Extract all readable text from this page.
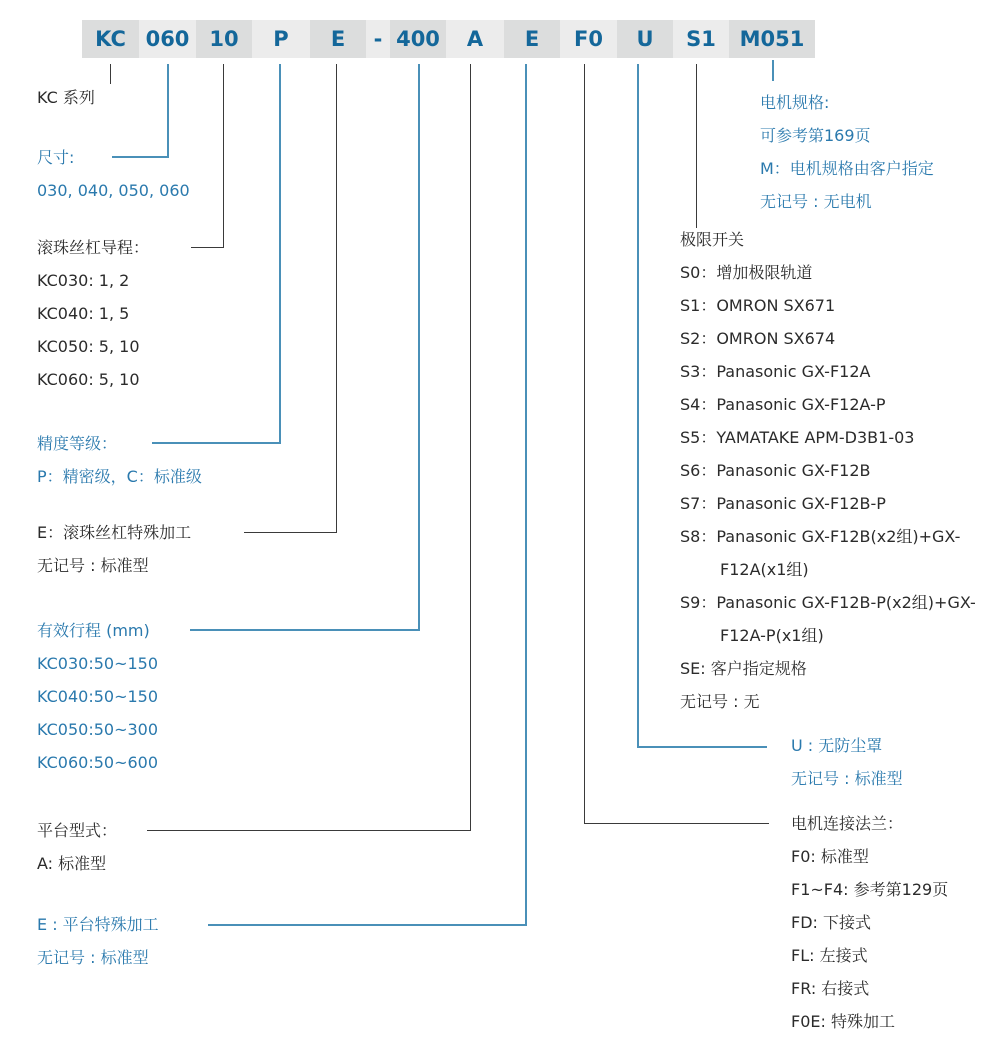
KC 060 10	P	E	- 400	A	E	F0	U	S1	M051
KC 系列
尺寸:
030, 040, 050, 060
滚珠丝杠导程：
KC030: 1, 2
KC040: 1, 5
KC050: 5, 10
KC060: 5, 10
精度等级：
P：精密级，C：标准级
E：滚珠丝杠特殊加工
无记号 : 标准型
有效行程 (mm)
KC030:50~150
KC040:50~150
KC050:50~300
KC060:50~600
平台型式：
A: 标准型
E : 平台特殊加工
无记号 : 标准型
电机规格:
可参考第169页
M：电机规格由客户指定
无记号 : 无电机
极限开关
S0：增加极限轨道
S1：OMRON SX671
S2：OMRON SX674
S3：Panasonic GX-F12A
S4：Panasonic GX-F12A-P
S5：YAMATAKE APM-D3B1-03
S6：Panasonic GX-F12B
S7：Panasonic GX-F12B-P
S8：Panasonic GX-F12B(x2组)+GX-
F12A(x1组)
S9：Panasonic GX-F12B-P(x2组)+GX-
F12A-P(x1组)
SE: 客户指定规格
无记号 : 无
U : 无防尘罩
无记号 : 标准型
电机连接法兰：
F0: 标准型
F1~F4: 参考第129页
FD: 下接式
FL: 左接式
FR: 右接式
F0E: 特殊加工
